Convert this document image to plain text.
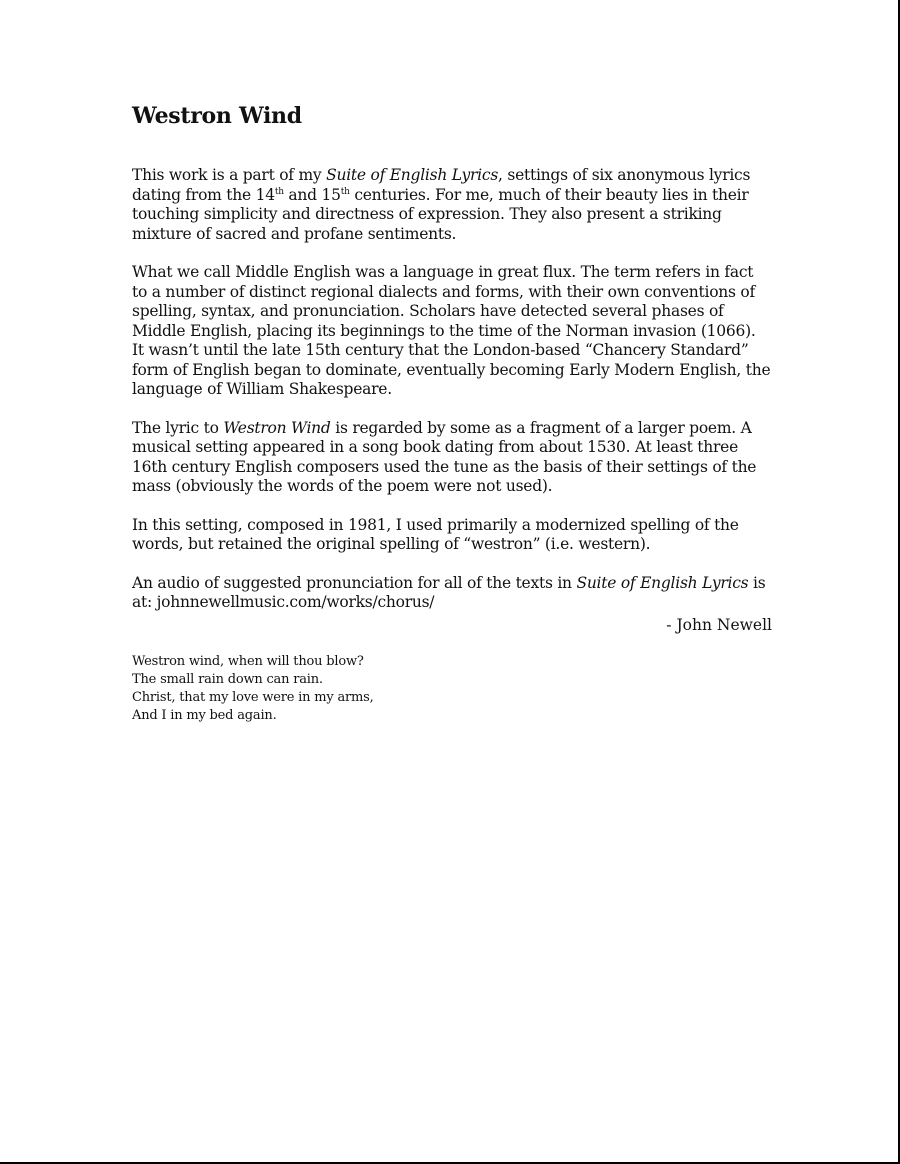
Westron Wind

This work is a part of my Suite of English Lyrics, settings of six anonymous lyrics dating from the 14th and 15th centuries. For me, much of their beauty lies in their touching simplicity and directness of expression. They also present a striking mixture of sacred and profane sentiments.

What we call Middle English was a language in great flux. The term refers in fact to a number of distinct regional dialects and forms, with their own conventions of spelling, syntax, and pronunciation. Scholars have detected several phases of Middle English, placing its beginnings to the time of the Norman invasion (1066). It wasn’t until the late 15th century that the London-based “Chancery Standard” form of English began to dominate, eventually becoming Early Modern English, the language of William Shakespeare.

The lyric to Westron Wind is regarded by some as a fragment of a larger poem. A musical setting appeared in a song book dating from about 1530. At least three 16th century English composers used the tune as the basis of their settings of the mass (obviously the words of the poem were not used).

In this setting, composed in 1981, I used primarily a modernized spelling of the words, but retained the original spelling of “westron” (i.e. western).

An audio of suggested pronunciation for all of the texts in Suite of English Lyrics is at: johnnewellmusic.com/works/chorus/

- John Newell
Westron wind, when will thou blow?
The small rain down can rain.
Christ, that my love were in my arms,
And I in my bed again.
